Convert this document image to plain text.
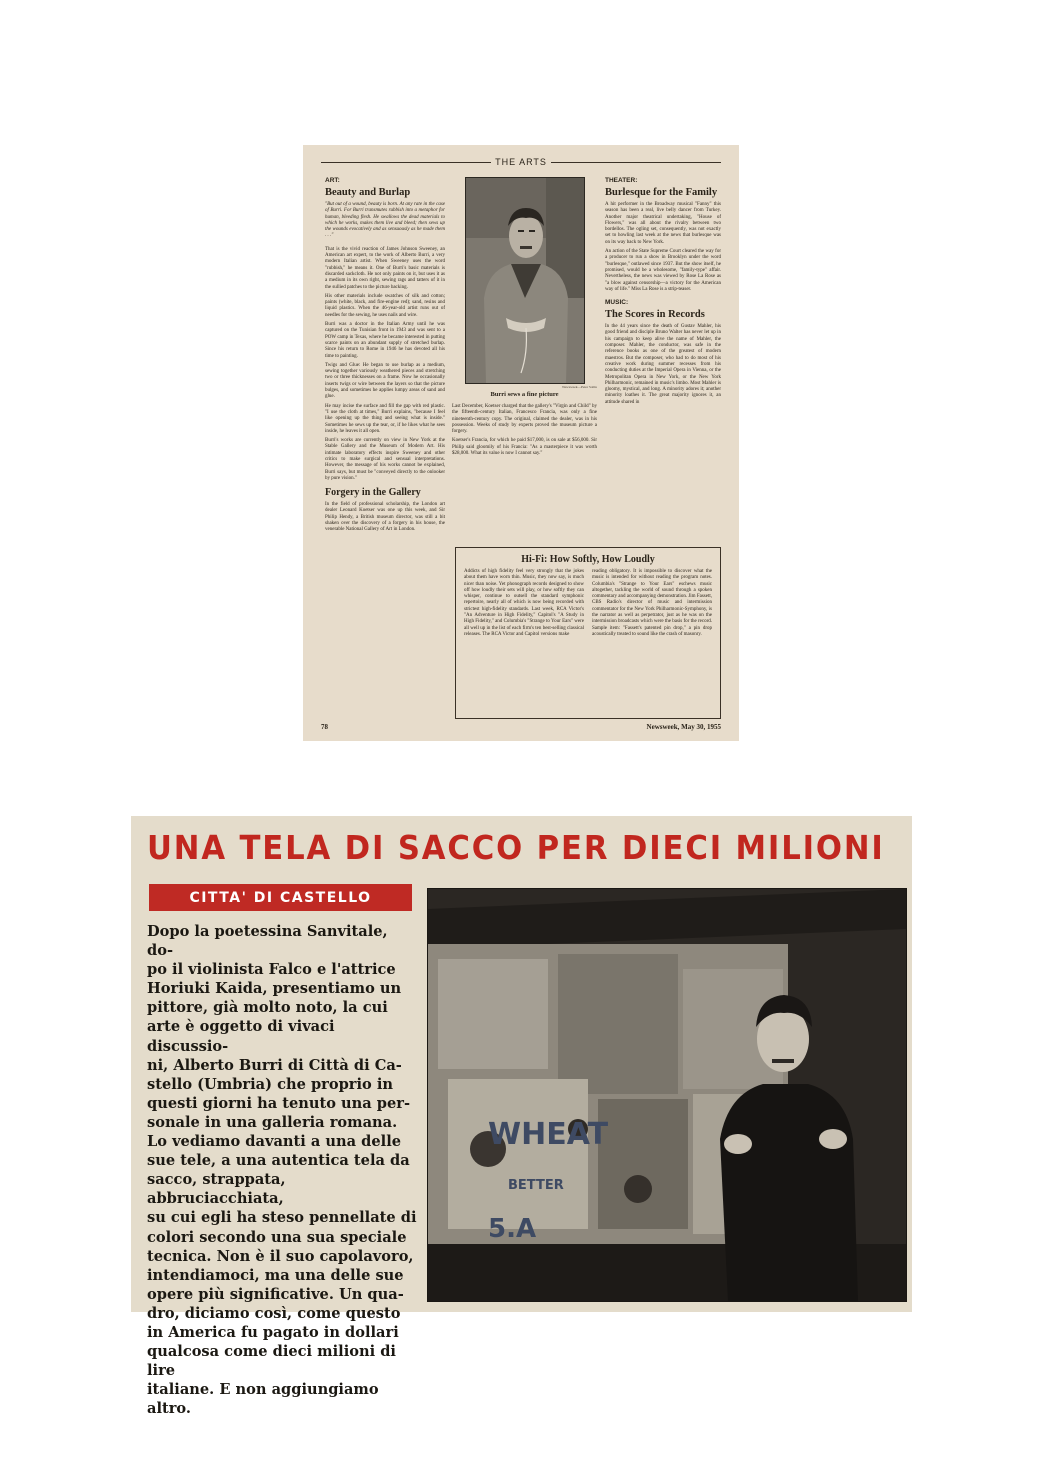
THE ARTS
ART:
Beauty and Burlap

"But out of a wound, beauty is born. At any rate in the case of Burri. For Burri transmutes rubbish into a metaphor for human, bleeding flesh. He swallows the dead materials to which he works, makes them live and bleed; then sews up the wounds evocatively and as sensuously as he made them . . ."

That is the vivid reaction of James Johnson Sweeney, an American art expert, to the work of Alberto Burri, a very modern Italian artist. When Sweeney uses the word "rubbish," he means it. One of Burri's basic materials is discarded sackcloth. He not only paints on it, but uses it as a medium in its own right, sewing rags and tatters of it in the sullied patches to the picture backing.

His other materials include swatches of silk and cotton; paints (white, black, and fire-engine red); sand, resins and liquid plastics. When the 46-year-old artist runs out of needles for the sewing, he uses nails and wire.

Burri was a doctor in the Italian Army until he was captured on the Tunisian front in 1943 and was sent to a POW camp in Texas, where he became interested in putting scarce paints on an abundant supply of stretched burlap. Since his return to Rome in 1946 he has devoted all his time to painting.

Twigs and Glue: He began to use burlap as a medium, sewing together variously weathered pieces and stretching two or three thicknesses on a frame. Now he occasionally inserts twigs or wire between the layers so that the picture bulges, and sometimes he applies lumpy areas of sand and glue.

He may incise the surface and fill the gap with red plastic. "I use the cloth at times," Burri explains, "because I feel like opening up the thing and seeing what is inside." Sometimes he sews up the tear, or, if he likes what he sees inside, he leaves it all open.

Burri's works are currently on view in New York at the Stable Gallery and the Museum of Modern Art. His intimate laboratory effects inspire Sweeney and other critics to make surgical and sensual interpretations. However, the message of his works cannot be explained, Burri says, but must be "conveyed directly to the onlooker by pure vision."

Forgery in the Gallery

In the field of professional scholarship, the London art dealer Leonard Koetser was one up this week, and Sir Philip Hendy, a British museum director, was still a bit shaken over the discovery of a forgery in his house, the venerable National Gallery of Art in London.

Newsweek—Peter Salila
Burri sews a fine picture

Last December, Koetser charged that the gallery's "Virgin and Child" by the fifteenth-century Italian, Francesco Francia, was only a fine nineteenth-century copy. The original, claimed the dealer, was in his possession. Weeks of study by experts proved the museum picture a forgery.

Koetser's Francia, for which he paid $17,000, is on sale at $56,000. Sir Philip said gloomily of his Francia: "As a masterpiece it was worth $28,000. What its value is now I cannot say."

THEATER:
Burlesque for the Family

A hit performer in the Broadway musical "Fanny" this season has been a real, live belly dancer from Turkey. Another major theatrical undertaking, "House of Flowers," was all about the rivalry between two bordellos. The ogling set, consequently, was not exactly set to howling last week at the news that burlesque was on its way back to New York.

An action of the State Supreme Court cleared the way for a producer to run a show in Brooklyn under the word "burlesque," outlawed since 1937. But the show itself, he promised, would be a wholesome, "family-type" affair. Nevertheless, the news was viewed by Rose La Rose as "a blow against censorship—a victory for the American way of life." Miss La Rose is a strip-teaser.

MUSIC:
The Scores in Records

In the 44 years since the death of Gustav Mahler, his good friend and disciple Bruno Walter has never let up in his campaign to keep alive the name of Mahler, the composer. Mahler, the conductor, was safe in the reference books as one of the greatest of modern maestros. But the composer, who had to do most of his creative work during summer recesses from his conducting duties at the Imperial Opera in Vienna, or the Metropolitan Opera in New York, or the New York Philharmonic, remained in music's limbo. Most Mahler is gloomy, mystical, and long. A minority adores it; another minority loathes it. The great majority ignores it, an attitude shared in

Hi-Fi: How Softly, How Loudly

Addicts of high fidelity feel very strongly that the jokes about them have worn thin. Music, they now say, is much nicer than noise. Yet phonograph records designed to show off how loudly their sets will play, or how softly they can whisper, continue to outsell the standard symphonic repertoire, nearly all of which is now being recorded with strictest high-fidelity standards. Last week, RCA Victor's "An Adventure in High Fidelity," Capitol's "A Study in High Fidelity," and Columbia's "Strange to Your Ears" were all well up in the list of each firm's ten best-selling classical releases. The RCA Victor and Capitol versions make

reading obligatory. It is impossible to discover what the music is intended for without reading the program notes. Columbia's "Strange to Your Ears" eschews music altogether, tackling the world of sound through a spoken commentary and accompanying demonstration. Jim Fassett, CBS Radio's director of music and intermission commentator for the New York Philharmonic-Symphony, is the narrator as well as perpetrator, just as he was on the intermission broadcasts which were the basis for the record. Sample item: "Fassett's patented pin drop," a pin drop acoustically treated to sound like the crash of masonry.

78	Newsweek, May 30, 1955
UNA TELA DI SACCO PER DIECI MILIONI
CITTA' DI CASTELLO

Dopo la poetessina Sanvitale, do-
po il violinista Falco e l'attrice
Horiuki Kaida, presentiamo un
pittore, già molto noto, la cui
arte è oggetto di vivaci discussio-
ni, Alberto Burri di Città di Ca-
stello (Umbria) che proprio in
questi giorni ha tenuto una per-
sonale in una galleria romana.
Lo vediamo davanti a una delle
sue tele, a una autentica tela da
sacco, strappata, abbruciacchiata,
su cui egli ha steso pennellate di
colori secondo una sua speciale
tecnica. Non è il suo capolavoro,
intendiamoci, ma una delle sue
opere più significative. Un qua-
dro, diciamo così, come questo
in America fu pagato in dollari
qualcosa come dieci milioni di lire
italiane. E non aggiungiamo altro.

WHEAT
BETTER
5.A
